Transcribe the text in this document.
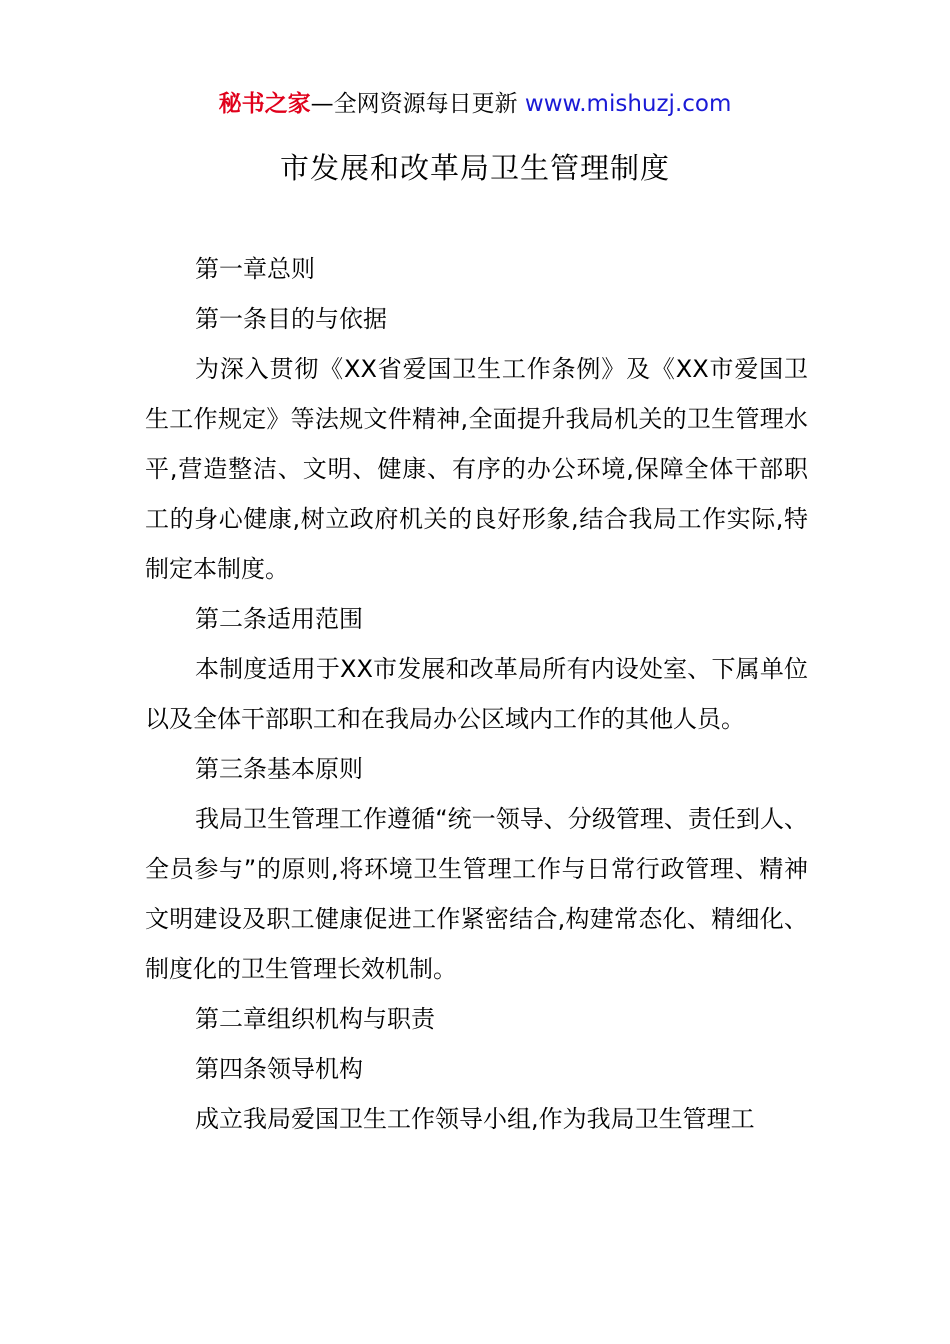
秘书之家—全网资源每日更新 www.mishuzj.com
市发展和改革局卫生管理制度

第一章总则

第一条目的与依据

为深入贯彻《XX省爱国卫生工作条例》及《XX市爱国卫生工作规定》等法规文件精神,全面提升我局机关的卫生管理水平,营造整洁、文明、健康、有序的办公环境,保障全体干部职工的身心健康,树立政府机关的良好形象,结合我局工作实际,特制定本制度。

第二条适用范围

本制度适用于XX市发展和改革局所有内设处室、下属单位以及全体干部职工和在我局办公区域内工作的其他人员。

第三条基本原则

我局卫生管理工作遵循“统一领导、分级管理、责任到人、全员参与”的原则,将环境卫生管理工作与日常行政管理、精神文明建设及职工健康促进工作紧密结合,构建常态化、精细化、制度化的卫生管理长效机制。

第二章组织机构与职责

第四条领导机构

成立我局爱国卫生工作领导小组,作为我局卫生管理工
